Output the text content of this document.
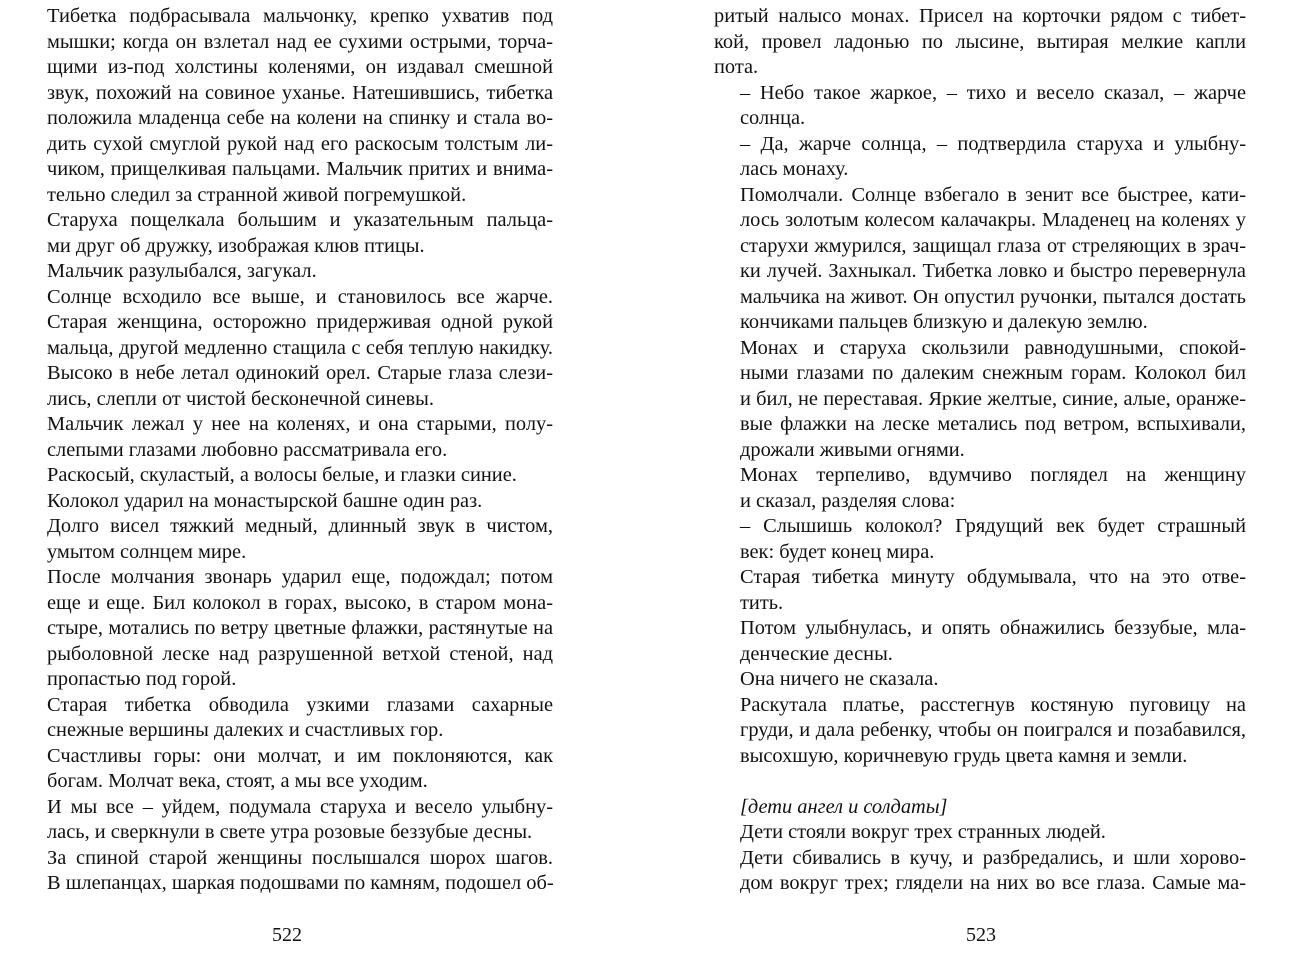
Тибетка подбрасывала мальчонку, крепко ухватив под
мышки; когда он взлетал над ее сухими острыми, торча-
щими из-под холстины коленями, он издавал смешной
звук, похожий на совиное уханье. Натешившись, тибетка
положила младенца себе на колени на спинку и стала во-
дить сухой смуглой рукой над его раскосым толстым ли-
чиком, прищелкивая пальцами. Мальчик притих и внима-
тельно следил за странной живой погремушкой.

Старуха пощелкала большим и указательным пальца-
ми друг об дружку, изображая клюв птицы.

Мальчик разулыбался, загукал.

Солнце всходило все выше, и становилось все жарче.
Старая женщина, осторожно придерживая одной рукой
мальца, другой медленно стащила с себя теплую накидку.
Высоко в небе летал одинокий орел. Старые глаза слези-
лись, слепли от чистой бесконечной синевы.

Мальчик лежал у нее на коленях, и она старыми, полу-
слепыми глазами любовно рассматривала его.

Раскосый, скуластый, а волосы белые, и глазки синие.

Колокол ударил на монастырской башне один раз.

Долго висел тяжкий медный, длинный звук в чистом,
умытом солнцем мире.

После молчания звонарь ударил еще, подождал; потом
еще и еще. Бил колокол в горах, высоко, в старом мона-
стыре, мотались по ветру цветные флажки, растянутые на
рыболовной леске над разрушенной ветхой стеной, над
пропастью под горой.

Старая тибетка обводила узкими глазами сахарные
снежные вершины далеких и счастливых гор.

Счастливы горы: они молчат, и им поклоняются, как
богам. Молчат века, стоят, а мы все уходим.

И мы все – уйдем, подумала старуха и весело улыбну-
лась, и сверкнули в свете утра розовые беззубые десны.

За спиной старой женщины послышался шорох шагов.
В шлепанцах, шаркая подошвами по камням, подошел об-

522

ритый налысо монах. Присел на корточки рядом с тибет-
кой, провел ладонью по лысине, вытирая мелкие капли
пота.

– Небо такое жаркое, – тихо и весело сказал, – жарче
солнца.

– Да, жарче солнца, – подтвердила старуха и улыбну-
лась монаху.

Помолчали. Солнце взбегало в зенит все быстрее, кати-
лось золотым колесом калачакры. Младенец на коленях у
старухи жмурился, защищал глаза от стреляющих в зрач-
ки лучей. Захныкал. Тибетка ловко и быстро перевернула
мальчика на живот. Он опустил ручонки, пытался достать
кончиками пальцев близкую и далекую землю.

Монах и старуха скользили равнодушными, спокой-
ными глазами по далеким снежным горам. Колокол бил
и бил, не переставая. Яркие желтые, синие, алые, оранже-
вые флажки на леске метались под ветром, вспыхивали,
дрожали живыми огнями.

Монах терпеливо, вдумчиво поглядел на женщину
и сказал, разделяя слова:

– Слышишь колокол? Грядущий век будет страшный
век: будет конец мира.

Старая тибетка минуту обдумывала, что на это отве-
тить.

Потом улыбнулась, и опять обнажились беззубые, мла-
денческие десны.

Она ничего не сказала.

Раскутала платье, расстегнув костяную пуговицу на
груди, и дала ребенку, чтобы он поигрался и позабавился,
высохшую, коричневую грудь цвета камня и земли.

[дети ангел и солдаты]

Дети стояли вокруг трех странных людей.

Дети сбивались в кучу, и разбредались, и шли хорово-
дом вокруг трех; глядели на них во все глаза. Самые ма-

523
